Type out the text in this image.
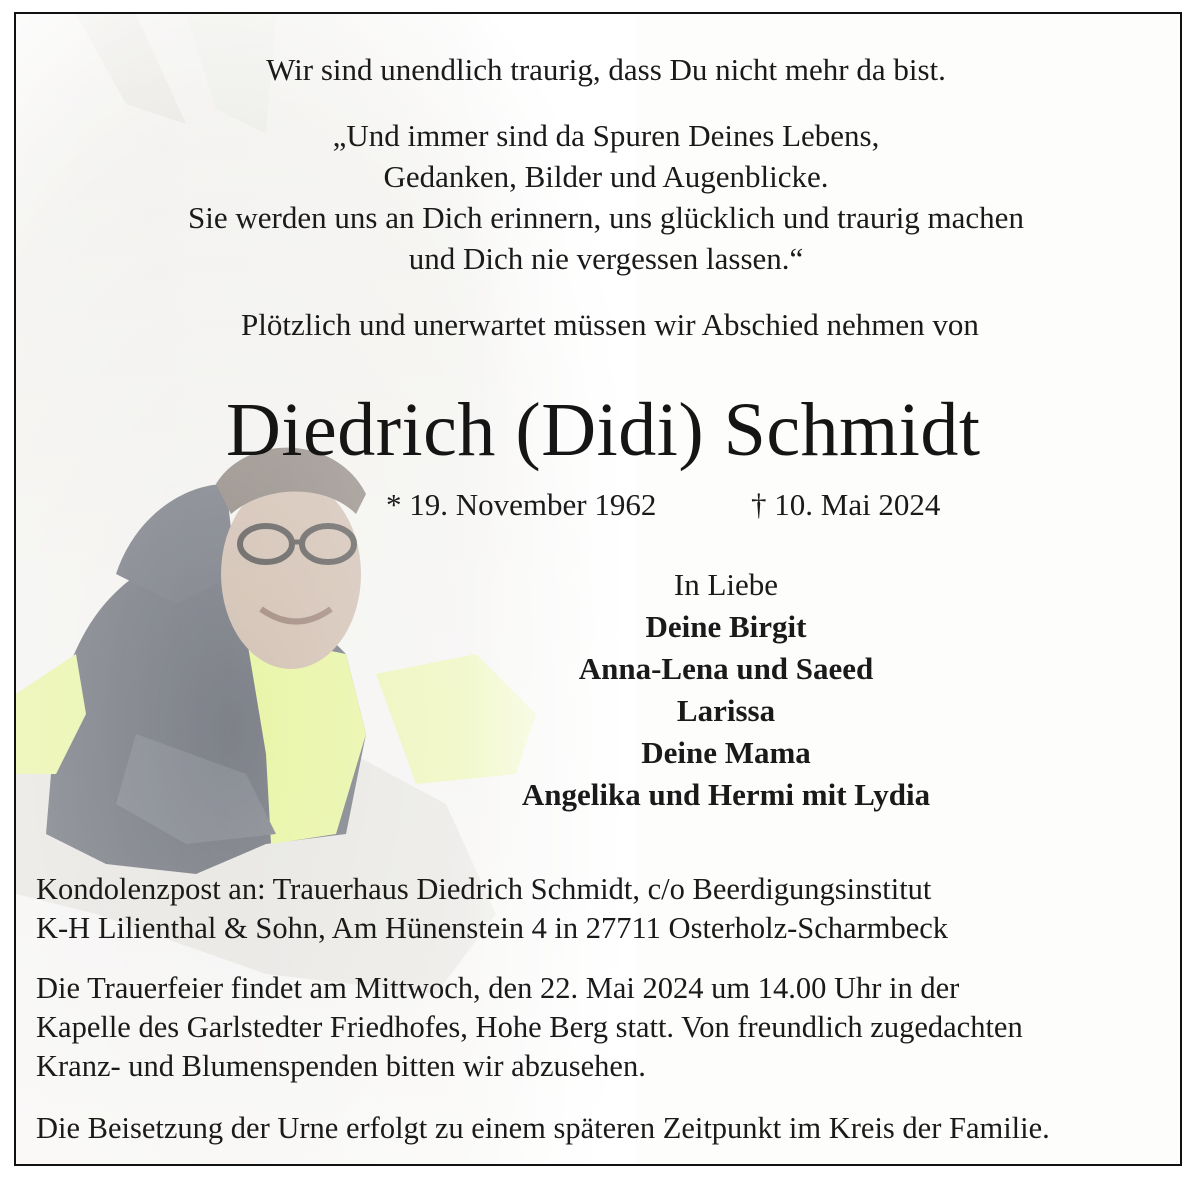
Wir sind unendlich traurig, dass Du nicht mehr da bist.
„Und immer sind da Spuren Deines Lebens,
Gedanken, Bilder und Augenblicke.
Sie werden uns an Dich erinnern, uns glücklich und traurig machen
und Dich nie vergessen lassen.“
Plötzlich und unerwartet müssen wir Abschied nehmen von
Diedrich (Didi) Schmidt
* 19. November 1962	† 10. Mai 2024
In Liebe
Deine Birgit
Anna-Lena und Saeed
Larissa
Deine Mama
Angelika und Hermi mit Lydia
Kondolenzpost an: Trauerhaus Diedrich Schmidt, c/o Beerdigungsinstitut
K-H Lilienthal & Sohn, Am Hünenstein 4 in 27711 Osterholz-Scharmbeck
Die Trauerfeier findet am Mittwoch, den 22. Mai 2024 um 14.00 Uhr in der
Kapelle des Garlstedter Friedhofes, Hohe Berg statt. Von freundlich zugedachten
Kranz- und Blumenspenden bitten wir abzusehen.
Die Beisetzung der Urne erfolgt zu einem späteren Zeitpunkt im Kreis der Familie.
